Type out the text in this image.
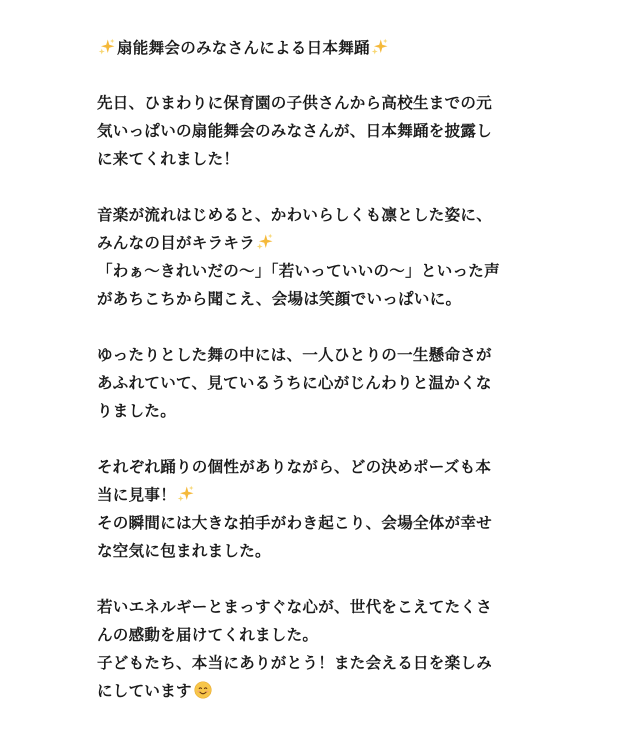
扇能舞会のみなさんによる日本舞踊
先日、ひまわりに保育園の子供さんから高校生までの元
気いっぱいの扇能舞会のみなさんが、日本舞踊を披露し
に来てくれました！
音楽が流れはじめると、かわいらしくも凛とした姿に、
みんなの目がキラキラ
「わぁ～きれいだの～」「若いっていいの～」といった声
があちこちから聞こえ、会場は笑顔でいっぱいに。
ゆったりとした舞の中には、一人ひとりの一生懸命さが
あふれていて、見ているうちに心がじんわりと温かくな
りました。
それぞれ踊りの個性がありながら、どの決めポーズも本
当に見事！
その瞬間には大きな拍手がわき起こり、会場全体が幸せ
な空気に包まれました。
若いエネルギーとまっすぐな心が、世代をこえてたくさ
んの感動を届けてくれました。
子どもたち、本当にありがとう！また会える日を楽しみ
にしています
